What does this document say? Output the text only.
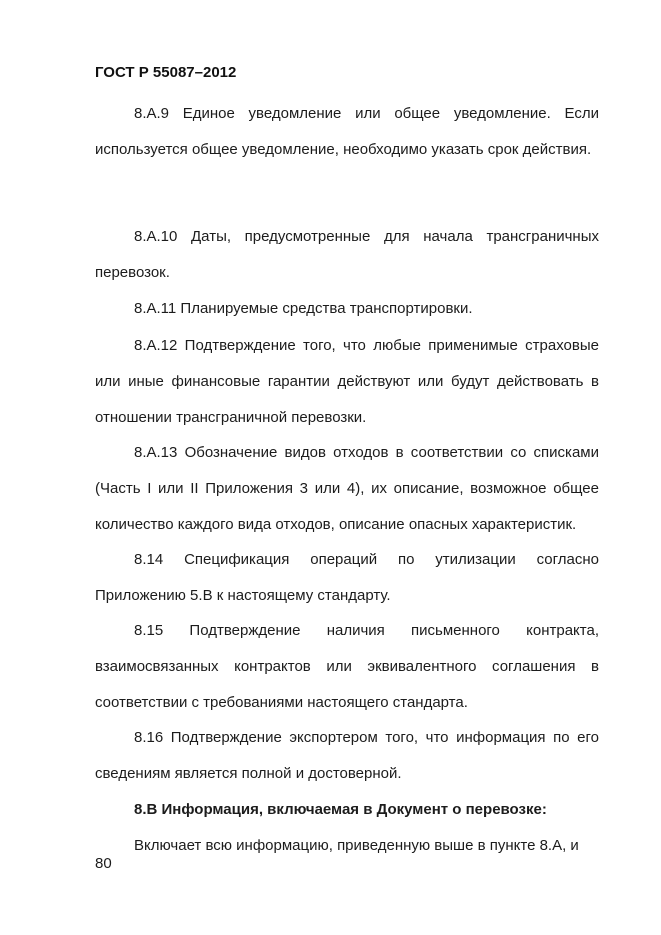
ГОСТ Р 55087–2012

8.А.9 Единое уведомление или общее уведомление. Если используется общее уведомление, необходимо указать срок действия.

8.А.10 Даты, предусмотренные для начала трансграничных перевозок.

8.А.11 Планируемые средства транспортировки.

8.А.12 Подтверждение того, что любые применимые страховые или иные финансовые гарантии действуют или будут действовать в отношении трансграничной перевозки.

8.А.13 Обозначение видов отходов в соответствии со списками (Часть I или II Приложения 3 или 4), их описание, возможное общее количество каждого вида отходов, описание опасных характеристик.

8.14 Спецификация операций по утилизации согласно Приложению 5.В к настоящему стандарту.

8.15 Подтверждение наличия письменного контракта, взаимосвязанных контрактов или эквивалентного соглашения в соответствии с требованиями настоящего стандарта.

8.16 Подтверждение экспортером того, что информация по его сведениям является полной и достоверной.

8.В Информация, включаемая в Документ о перевозке:

Включает всю информацию, приведенную выше в пункте 8.А, и

80
